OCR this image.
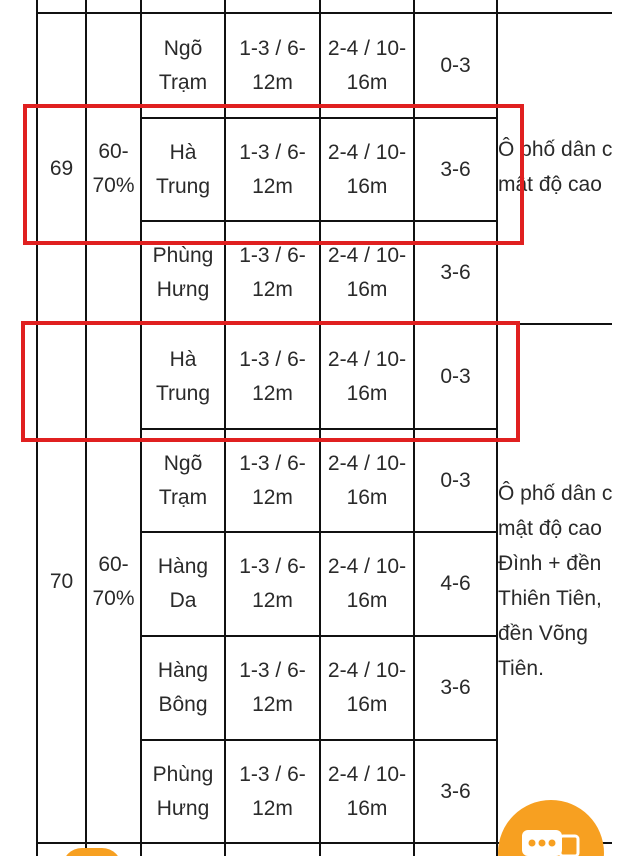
Ngõ
Trạm
1-3 / 6-
12m
2-4 / 10-
16m
0-3
69
60-
70%
Hà
Trung
1-3 / 6-
12m
2-4 / 10-
16m
3-6
Phùng
Hưng
1-3 / 6-
12m
2-4 / 10-
16m
3-6
Ô phố dân c
mật độ cao
70
60-
70%
Hà
Trung
1-3 / 6-
12m
2-4 / 10-
16m
0-3
Ngõ
Trạm
1-3 / 6-
12m
2-4 / 10-
16m
0-3
Hàng
Da
1-3 / 6-
12m
2-4 / 10-
16m
4-6
Hàng
Bông
1-3 / 6-
12m
2-4 / 10-
16m
3-6
Phùng
Hưng
1-3 / 6-
12m
2-4 / 10-
16m
3-6
Ô phố dân c
mật độ cao
Đình + đền
Thiên Tiên,
đền Võng
Tiên.
